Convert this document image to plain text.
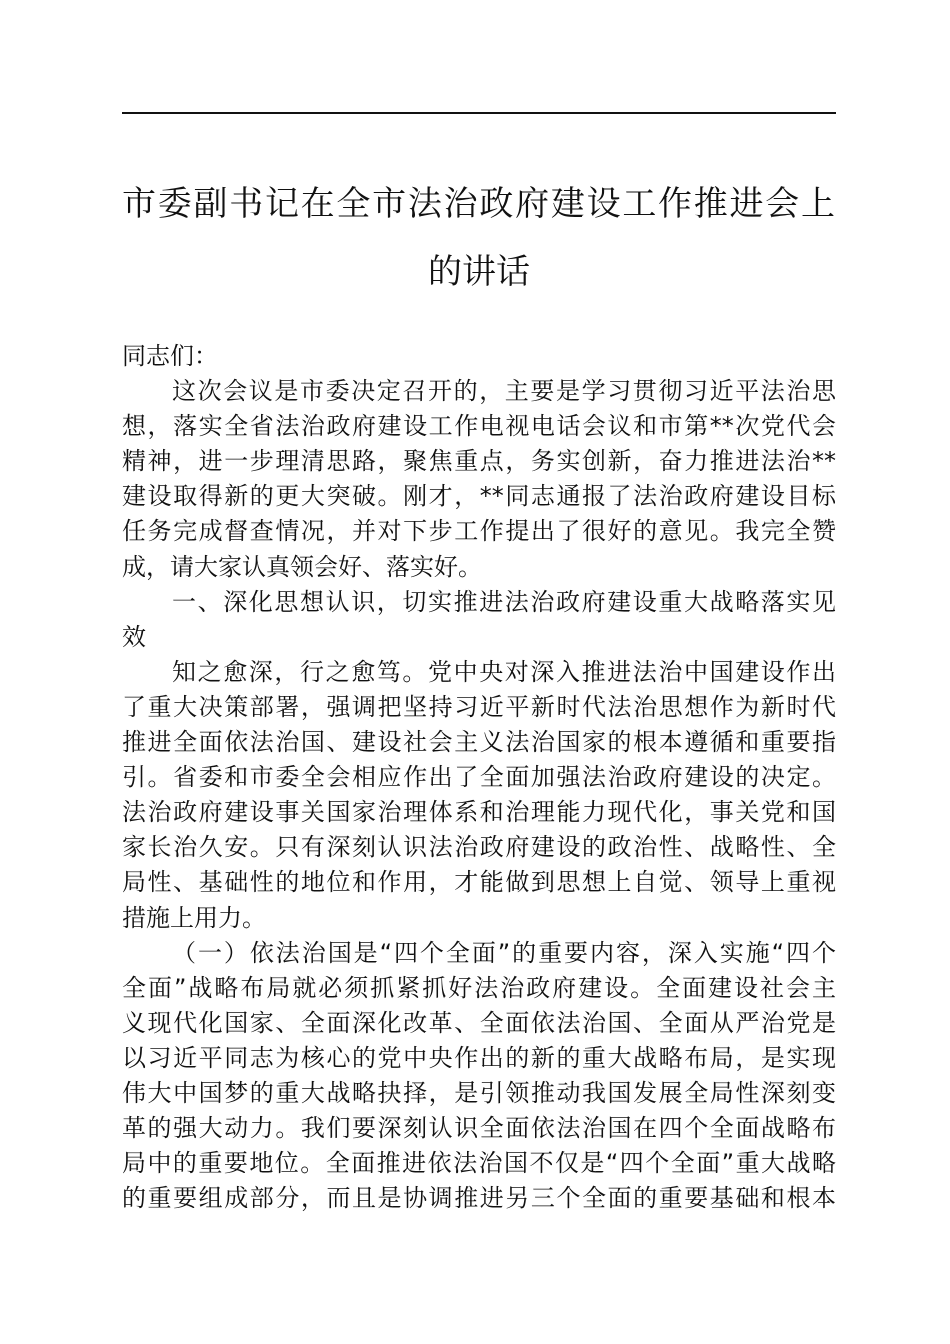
市委副书记在全市法治政府建设工作推进会上
的讲话

同志们：

这次会议是市委决定召开的，主要是学习贯彻习近平法治思
想，落实全省法治政府建设工作电视电话会议和市第**次党代会
精神，进一步理清思路，聚焦重点，务实创新，奋力推进法治**
建设取得新的更大突破。刚才，**同志通报了法治政府建设目标
任务完成督查情况，并对下步工作提出了很好的意见。我完全赞
成，请大家认真领会好、落实好。

一、深化思想认识，切实推进法治政府建设重大战略落实见
效

知之愈深，行之愈笃。党中央对深入推进法治中国建设作出
了重大决策部署，强调把坚持习近平新时代法治思想作为新时代
推进全面依法治国、建设社会主义法治国家的根本遵循和重要指
引。省委和市委全会相应作出了全面加强法治政府建设的决定。
法治政府建设事关国家治理体系和治理能力现代化，事关党和国
家长治久安。只有深刻认识法治政府建设的政治性、战略性、全
局性、基础性的地位和作用，才能做到思想上自觉、领导上重视
措施上用力。

（一）依法治国是“四个全面”的重要内容，深入实施“四个
全面”战略布局就必须抓紧抓好法治政府建设。全面建设社会主
义现代化国家、全面深化改革、全面依法治国、全面从严治党是
以习近平同志为核心的党中央作出的新的重大战略布局，是实现
伟大中国梦的重大战略抉择，是引领推动我国发展全局性深刻变
革的强大动力。我们要深刻认识全面依法治国在四个全面战略布
局中的重要地位。全面推进依法治国不仅是“四个全面”重大战略
的重要组成部分，而且是协调推进另三个全面的重要基础和根本
